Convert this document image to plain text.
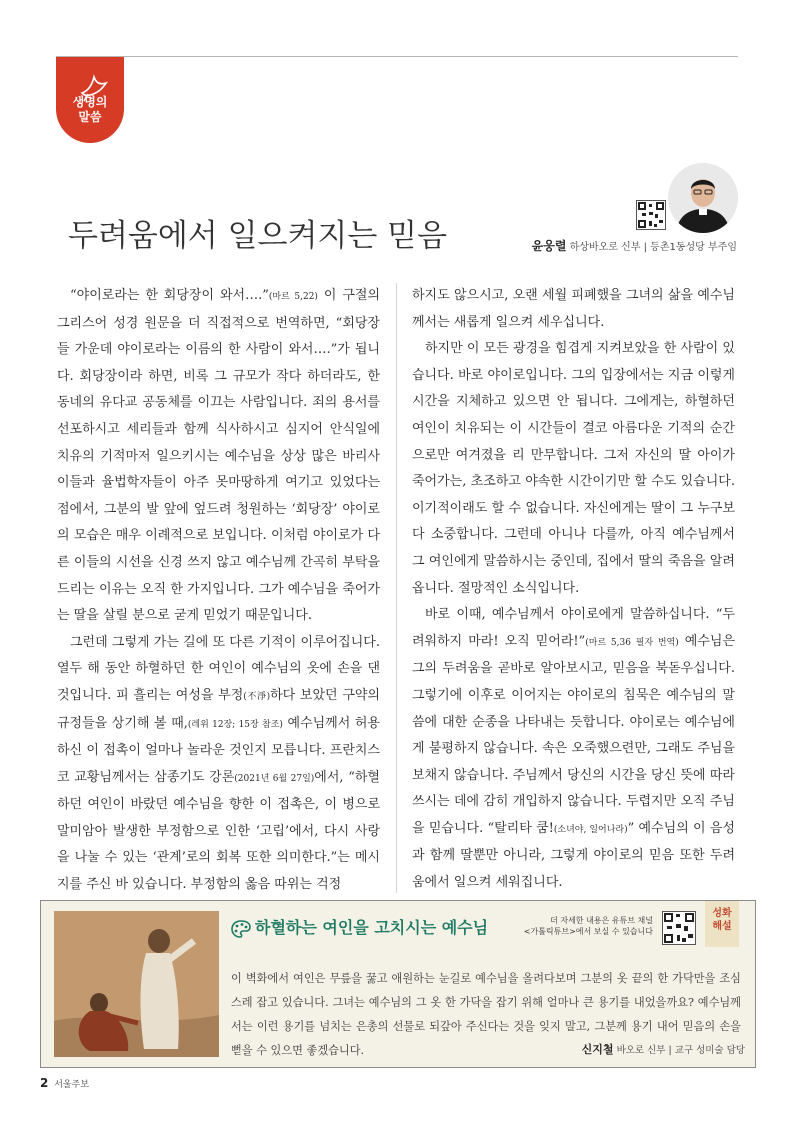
생명의
말씀
두려움에서 일으켜지는 믿음	윤웅렬 하상바오로 신부 | 등촌1동성당 부주임

“야이로라는 한 회당장이 와서….”(마르 5,22) 이 구절의 그리스어 성경 원문을 더 직접적으로 번역하면, “회당장들 가운데 야이로라는 이름의 한 사람이 와서….”가 됩니다. 회당장이라 하면, 비록 그 규모가 작다 하더라도, 한 동네의 유다교 공동체를 이끄는 사람입니다. 죄의 용서를 선포하시고 세리들과 함께 식사하시고 심지어 안식일에 치유의 기적마저 일으키시는 예수님을 상상 많은 바리사이들과 율법학자들이 아주 못마땅하게 여기고 있었다는 점에서, 그분의 발 앞에 엎드려 청원하는 ‘회당장’ 야이로의 모습은 매우 이례적으로 보입니다. 이처럼 야이로가 다른 이들의 시선을 신경 쓰지 않고 예수님께 간곡히 부탁을 드리는 이유는 오직 한 가지입니다. 그가 예수님을 죽어가는 딸을 살릴 분으로 굳게 믿었기 때문입니다.

그런데 그렇게 가는 길에 또 다른 기적이 이루어집니다. 열두 해 동안 하혈하던 한 여인이 예수님의 옷에 손을 댄 것입니다. 피 흘리는 여성을 부정(不淨)하다 보았던 구약의 규정들을 상기해 볼 때,(레위 12장; 15장 참조) 예수님께서 허용하신 이 접촉이 얼마나 놀라운 것인지 모릅니다. 프란치스코 교황님께서는 삼종기도 강론(2021년 6월 27일)에서, “하혈하던 여인이 바랐던 예수님을 향한 이 접촉은, 이 병으로 말미암아 발생한 부정함으로 인한 ‘고립’에서, 다시 사랑을 나눌 수 있는 ‘관계’로의 회복 또한 의미한다.”는 메시지를 주신 바 있습니다. 부정함의 옳음 따위는 걱정

하지도 않으시고, 오랜 세월 피폐했을 그녀의 삶을 예수님께서는 새롭게 일으켜 세우십니다.

하지만 이 모든 광경을 힘겹게 지켜보았을 한 사람이 있습니다. 바로 야이로입니다. 그의 입장에서는 지금 이렇게 시간을 지체하고 있으면 안 됩니다. 그에게는, 하혈하던 여인이 치유되는 이 시간들이 결코 아름다운 기적의 순간으로만 여겨졌을 리 만무합니다. 그저 자신의 딸 아이가 죽어가는, 초조하고 야속한 시간이기만 할 수도 있습니다. 이기적이래도 할 수 없습니다. 자신에게는 딸이 그 누구보다 소중합니다. 그런데 아니나 다를까, 아직 예수님께서 그 여인에게 말씀하시는 중인데, 집에서 딸의 죽음을 알려옵니다. 절망적인 소식입니다.

바로 이때, 예수님께서 야이로에게 말씀하십니다. “두려워하지 마라! 오직 믿어라!”(마르 5,36 필자 번역) 예수님은 그의 두려움을 곧바로 알아보시고, 믿음을 북돋우십니다. 그렇기에 이후로 이어지는 야이로의 침묵은 예수님의 말씀에 대한 순종을 나타내는 듯합니다. 야이로는 예수님에게 불평하지 않습니다. 속은 오죽했으련만, 그래도 주님을 보채지 않습니다. 주님께서 당신의 시간을 당신 뜻에 따라 쓰시는 데에 감히 개입하지 않습니다. 두렵지만 오직 주님을 믿습니다. “탈리타 쿰!(소녀야, 일어나라)” 예수님의 이 음성과 함께 딸뿐만 아니라, 그렇게 야이로의 믿음 또한 두려움에서 일으켜 세워집니다.

하혈하는 여인을 고치시는 예수님	더 자세한 내용은 유튜브 채널
<가톨릭튜브>에서 보실 수 있습니다
성화
해설
이 벽화에서 여인은 무릎을 꿇고 애원하는 눈길로 예수님을 올려다보며 그분의 옷 끝의 한 가닥만을 조심스레 잡고 있습니다. 그녀는 예수님의 그 옷 한 가닥을 잡기 위해 얼마나 큰 용기를 내었을까요? 예수님께서는 이런 용기를 넘치는 은총의 선물로 되갚아 주신다는 것을 잊지 말고, 그분께 용기 내어 믿음의 손을 뻗을 수 있으면 좋겠습니다.	신지철 바오로 신부 | 교구 성미술 담당
2 서울주보
